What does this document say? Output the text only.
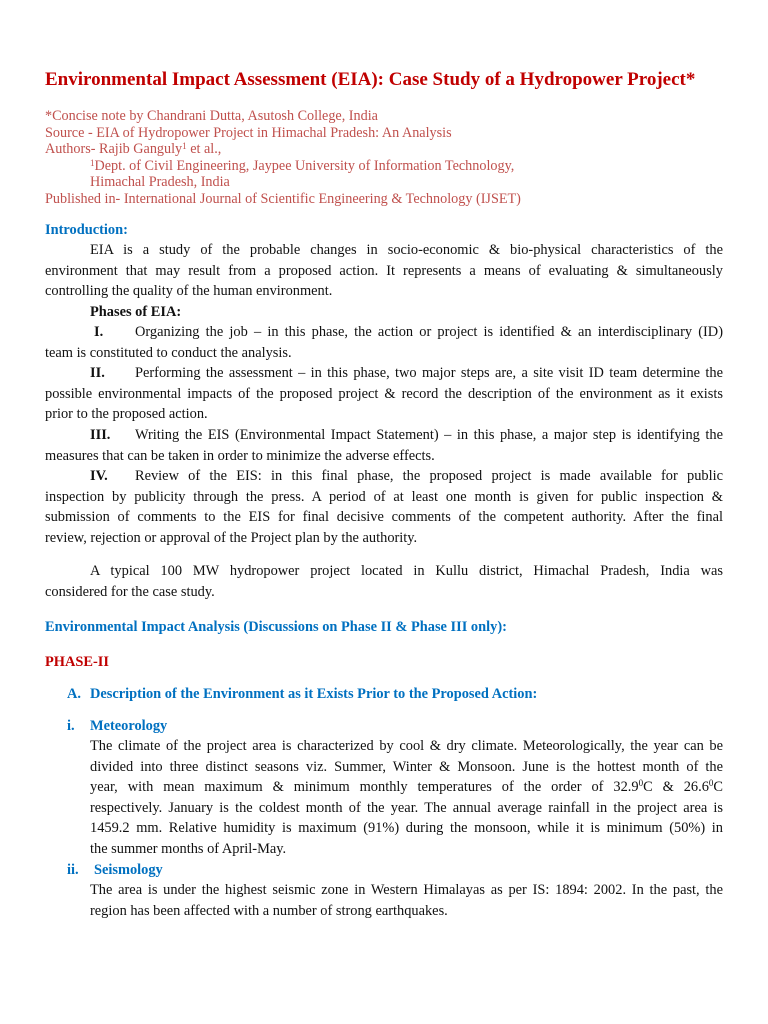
Environmental Impact Assessment (EIA): Case Study of a Hydropower Project*
*Concise note by Chandrani Dutta, Asutosh College, India
Source - EIA of Hydropower Project in Himachal Pradesh: An Analysis
Authors- Rajib Ganguly$^1$ et al.,
$^1$Dept. of Civil Engineering, Jaypee University of Information Technology,
Himachal Pradesh, India
Published in- International Journal of Scientific Engineering & Technology (IJSET)
Introduction:
EIA is a study of the probable changes in socio-economic & bio-physical characteristics of the
environment that may result from a proposed action. It represents a means of evaluating & simultaneously
controlling the quality of the human environment.
Phases of EIA:
Organizing the job – in this phase, the action or project is identified & an interdisciplinary (ID)
team is constituted to conduct the analysis.
I.
Performing the assessment – in this phase, two major steps are, a site visit ID team determine the
possible environmental impacts of the proposed project & record the description of the environment as it exists
prior to the proposed action.
II.
Writing the EIS (Environmental Impact Statement) – in this phase, a major step is identifying the
measures that can be taken in order to minimize the adverse effects.
III.
Review of the EIS: in this final phase, the proposed project is made available for public
inspection by publicity through the press. A period of at least one month is given for public inspection &
submission of comments to the EIS for final decisive comments of the competent authority. After the final
review, rejection or approval of the Project plan by the authority.
IV.
A typical 100 MW hydropower project located in Kullu district, Himachal Pradesh, India was
considered for the case study.
Environmental Impact Analysis (Discussions on Phase II & Phase III only):
PHASE-II
A. Description of the Environment as it Exists Prior to the Proposed Action:
i. Meteorology
The climate of the project area is characterized by cool & dry climate. Meteorologically, the year can be
divided into three distinct seasons viz. Summer, Winter & Monsoon. June is the hottest month of the
year, with mean maximum & minimum monthly temperatures of the order of 32.9$^0$C & 26.6$^0$C
respectively. January is the coldest month of the year. The annual average rainfall in the project area is
1459.2 mm. Relative humidity is maximum (91%) during the monsoon, while it is minimum (50%) in
the summer months of April-May.
ii. Seismology
The area is under the highest seismic zone in Western Himalayas as per IS: 1894: 2002. In the past, the
region has been affected with a number of strong earthquakes.
